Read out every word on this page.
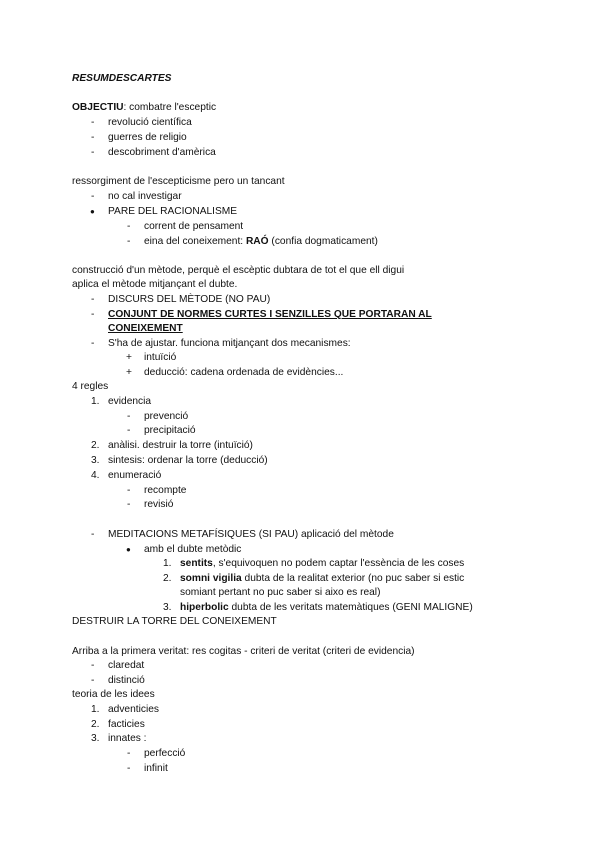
RESUMDESCARTES
OBJECTIU: combatre l'esceptic
- revolució científica
- guerres de religio
- descobriment d'amèrica
ressorgiment de l'escepticisme pero un tancant
- no cal investigar
● PARE DEL RACIONALISME
- corrent de pensament
- eina del coneixement: RAÓ (confia dogmaticament)
construcció d'un mètode, perquè el escèptic dubtara de tot el que ell digui
aplica el mètode mitjançant el dubte.
- DISCURS DEL MÈTODE (NO PAU)
- CONJUNT DE NORMES CURTES I SENZILLES QUE PORTARAN AL
CONEIXEMENT
- S'ha de ajustar. funciona mitjançant dos mecanismes:
+ intuïció
+ deducció: cadena ordenada de evidències...
4 regles
1. evidencia
- prevenció
- precipitació
2. anàlisi. destruir la torre (intuïció)
3. sintesis: ordenar la torre (deducció)
4. enumeració
- recompte
- revisió
- MEDITACIONS METAFÍSIQUES (SI PAU) aplicació del mètode
● amb el dubte metòdic
1. sentits, s'equivoquen no podem captar l'essència de les coses
2. somni vigilia dubta de la realitat exterior (no puc saber si estic
somiant pertant no puc saber si aixo es real)
3. hiperbolic dubta de les veritats matemàtiques (GENI MALIGNE)
DESTRUIR LA TORRE DEL CONEIXEMENT
Arriba a la primera veritat: res cogitas - criteri de veritat (criteri de evidencia)
- claredat
- distinció
teoria de les idees
1. adventicies
2. facticies
3. innates :
- perfecció
- infinit
